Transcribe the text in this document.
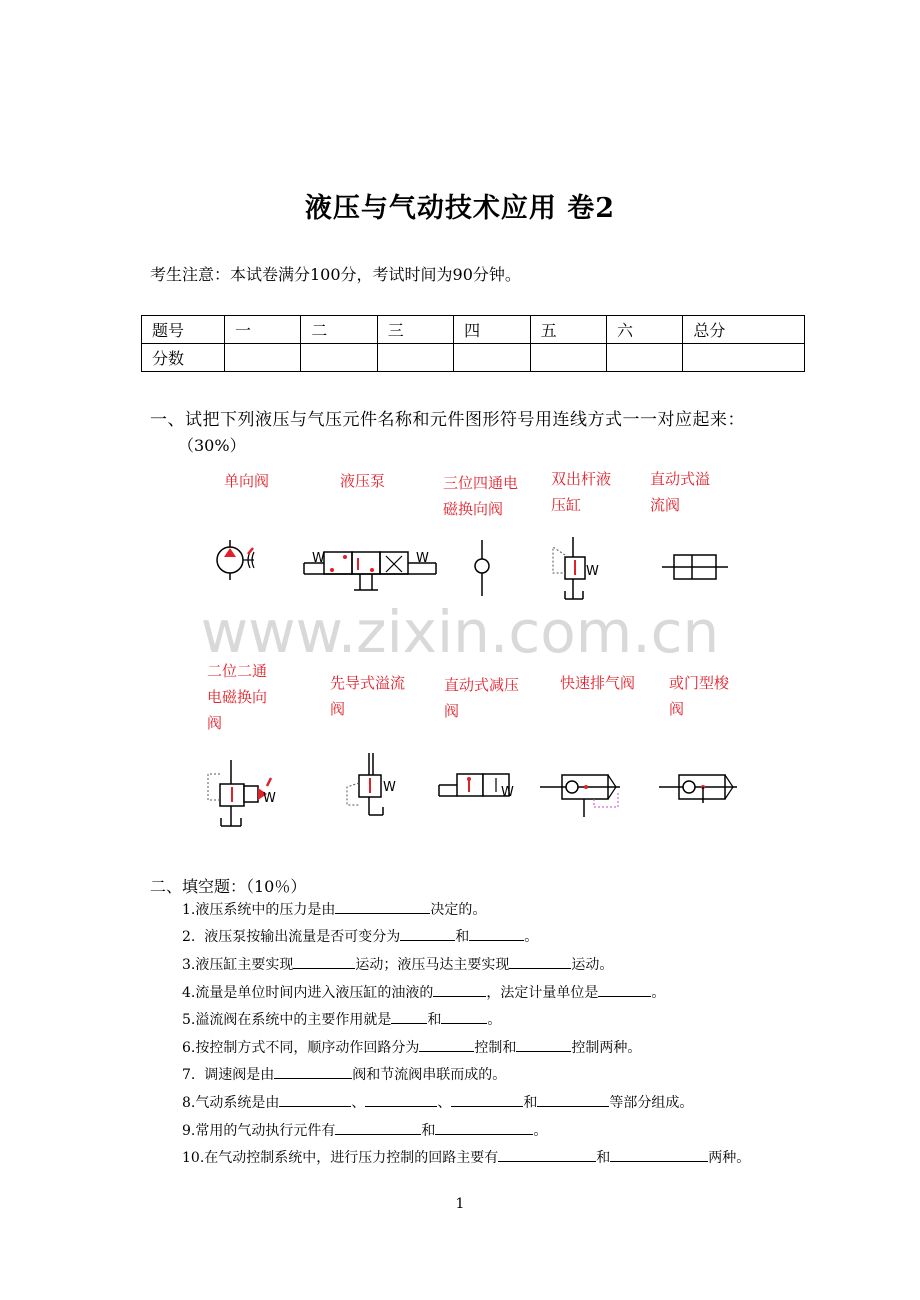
液压与气动技术应用 卷2
考生注意：本试卷满分100分，考试时间为90分钟。
题号	一	二	三	四	五	六	总分
分数							
一、试把下列液压与气压元件名称和元件图形符号用连线方式一一对应起来：
（30%）
单向阀	液压泵	三位四通电
磁换向阀
双出杆液
压缸
直动式溢
流阀
W	W
W
www.zixin.com.cn
二位二通
电磁换向
阀
先导式溢流
阀
直动式减压
阀
快速排气阀 或门型梭
阀
W
W	W
二、填空题：（10％）
1.液压系统中的压力是由	决定的。
2.  液压泵按输出流量是否可变分为	和	。
3.液压缸主要实现	运动；液压马达主要实现	运动。
4.流量是单位时间内进入液压缸的油液的	，法定计量单位是	。
5.溢流阀在系统中的主要作用就是	和	。
6.按控制方式不同，顺序动作回路分为	控制和	控制两种。
7.  调速阀是由	阀和节流阀串联而成的。
8.气动系统是由	、	、	和	等部分组成。
9.常用的气动执行元件有	和	。
10.在气动控制系统中，进行压力控制的回路主要有	和	两种。
1
